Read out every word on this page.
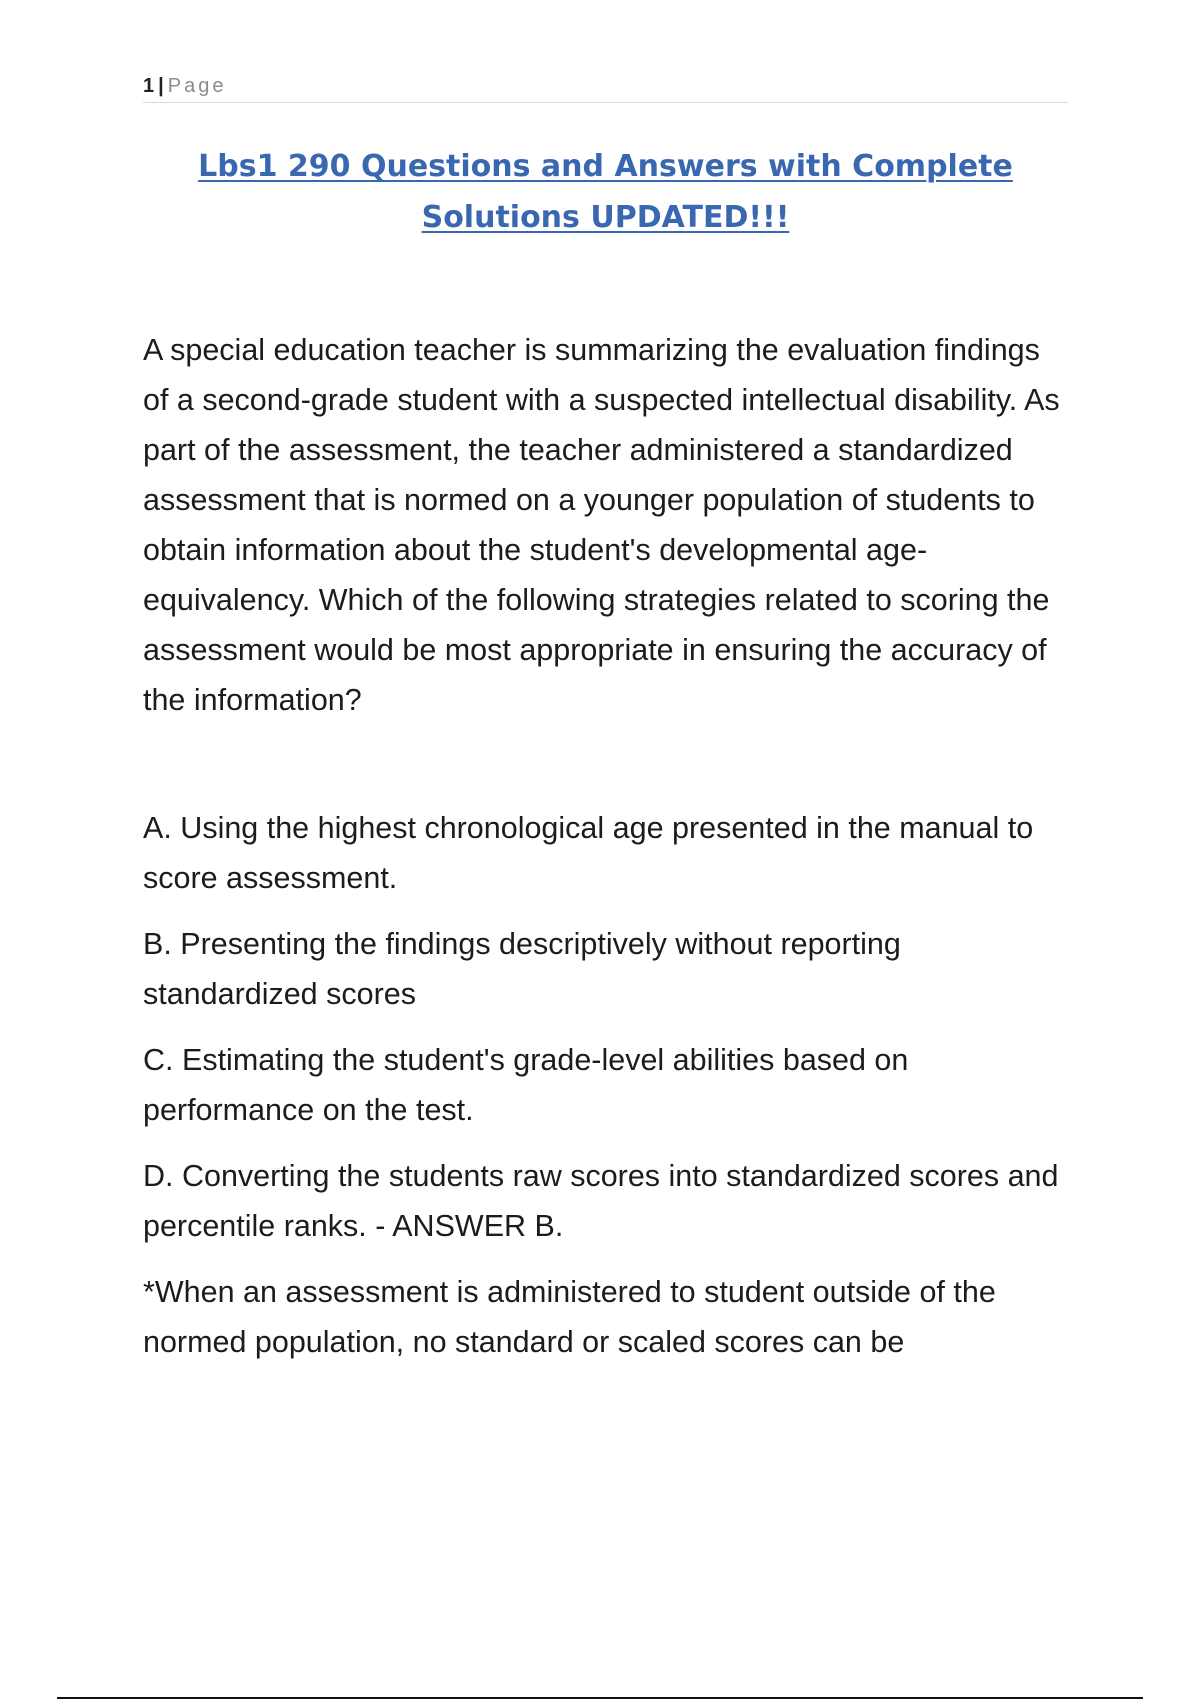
1 | Page
Lbs1 290 Questions and Answers with Complete Solutions UPDATED!!!

A special education teacher is summarizing the evaluation findings of a second-grade student with a suspected intellectual disability. As part of the assessment, the teacher administered a standardized assessment that is normed on a younger population of students to obtain information about the student's developmental age-equivalency. Which of the following strategies related to scoring the assessment would be most appropriate in ensuring the accuracy of the information?

A. Using the highest chronological age presented in the manual to score assessment.

B. Presenting the findings descriptively without reporting standardized scores

C. Estimating the student's grade-level abilities based on performance on the test.

D. Converting the students raw scores into standardized scores and percentile ranks. - ANSWER B.

*When an assessment is administered to student outside of the normed population, no standard or scaled scores can be
